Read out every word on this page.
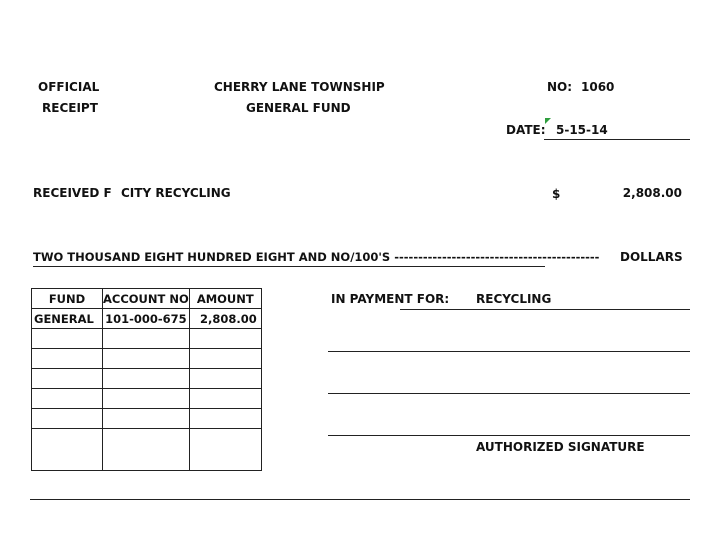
OFFICIAL
RECEIPT
CHERRY LANE TOWNSHIP
GENERAL FUND
NO: 1060
DATE: 5-15-14
RECEIVED F CITY RECYCLING	$	2,808.00
TWO THOUSAND EIGHT HUNDRED EIGHT AND NO/100'S ------------------------------------------- DOLLARS
FUND	ACCOUNT NO	AMOUNT
GENERAL	101-000-675	2,808.00

IN PAYMENT FOR: RECYCLING
AUTHORIZED SIGNATURE
